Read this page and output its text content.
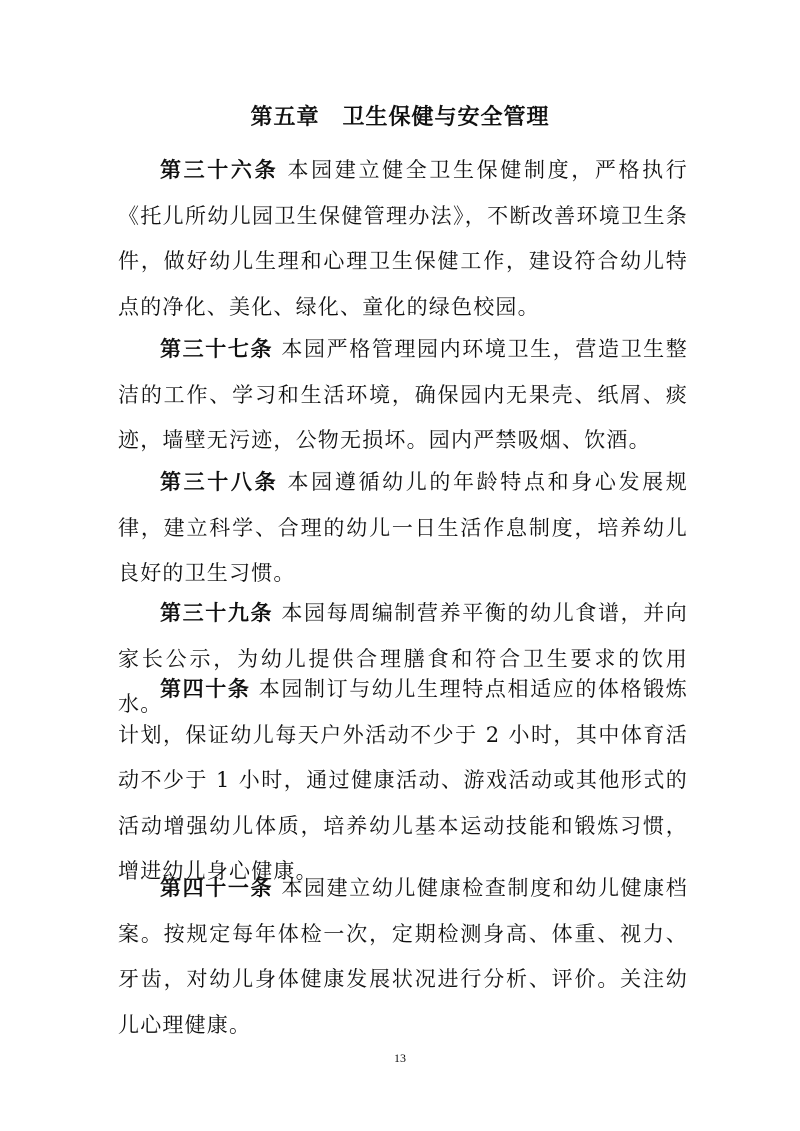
第五章　卫生保健与安全管理

第三十六条 本园建立健全卫生保健制度，严格执行《托儿所幼儿园卫生保健管理办法》，不断改善环境卫生条件，做好幼儿生理和心理卫生保健工作，建设符合幼儿特点的净化、美化、绿化、童化的绿色校园。

第三十七条 本园严格管理园内环境卫生，营造卫生整洁的工作、学习和生活环境，确保园内无果壳、纸屑、痰迹，墙壁无污迹，公物无损坏。园内严禁吸烟、饮酒。

第三十八条 本园遵循幼儿的年龄特点和身心发展规律，建立科学、合理的幼儿一日生活作息制度，培养幼儿良好的卫生习惯。

第三十九条 本园每周编制营养平衡的幼儿食谱，并向家长公示，为幼儿提供合理膳食和符合卫生要求的饮用水。

第四十条 本园制订与幼儿生理特点相适应的体格锻炼计划，保证幼儿每天户外活动不少于 2 小时，其中体育活动不少于 1 小时，通过健康活动、游戏活动或其他形式的活动增强幼儿体质，培养幼儿基本运动技能和锻炼习惯，增进幼儿身心健康。

第四十一条 本园建立幼儿健康检查制度和幼儿健康档案。按规定每年体检一次，定期检测身高、体重、视力、牙齿，对幼儿身体健康发展状况进行分析、评价。关注幼儿心理健康。

13
